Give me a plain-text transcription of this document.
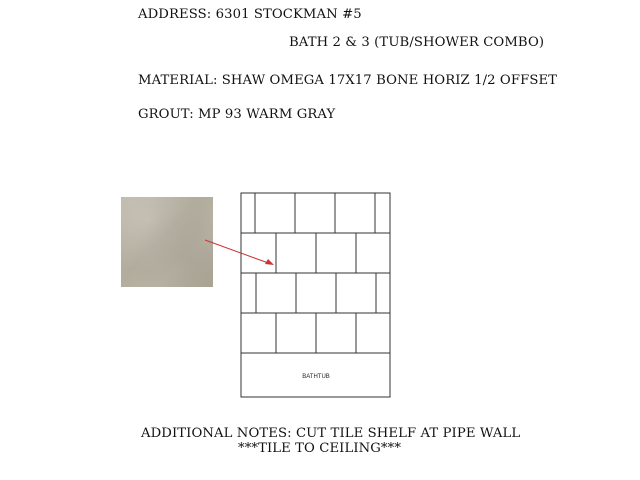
ADDRESS: 6301 STOCKMAN #5
BATH 2 & 3 (TUB/SHOWER COMBO)
MATERIAL: SHAW OMEGA 17X17 BONE HORIZ 1/2 OFFSET
GROUT: MP 93 WARM GRAY
BATHTUB
ADDITIONAL NOTES: CUT TILE SHELF AT PIPE WALL
***TILE TO CEILING***
